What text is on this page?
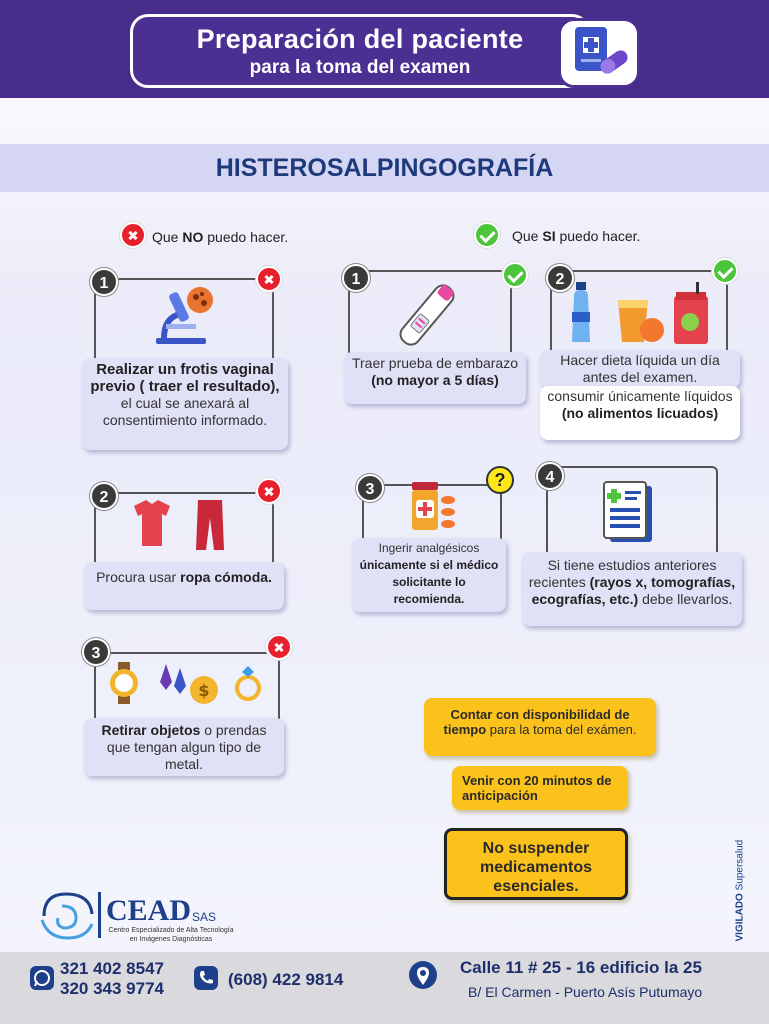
Preparación del paciente
para la toma del examen
HISTEROSALPINGOGRAFÍA
Que NO puedo hacer.	Que SI puedo hacer.
1
Realizar un frotis vaginal previo ( traer el resultado),
el cual se anexará al consentimiento informado.
2
Procura usar ropa cómoda.
3
$
Retirar objetos o prendas que tengan algun tipo de metal.
1
Traer prueba de embarazo
(no mayor a 5 días)
2
Hacer dieta líquida un día antes del examen.
consumir únicamente líquidos
(no alimentos licuados)
3	?
Ingerir analgésicos
únicamente si el médico solicitante lo recomienda.
4
Si tiene estudios anteriores recientes (rayos x, tomografías, ecografías, etc.) debe llevarlos.
Contar con disponibilidad de tiempo para la toma del exámen.
Venir con 20 minutos de anticipación
No suspender medicamentos esenciales.
VIGILADO Supersalud
CEAD SAS
Centro Especializado de Alta Tecnología
en Imágenes Diagnósticas
321 402 8547
320 343 9774	(608) 422 9814
Calle 11 # 25 - 16 edificio la 25
B/ El Carmen - Puerto Asís Putumayo
